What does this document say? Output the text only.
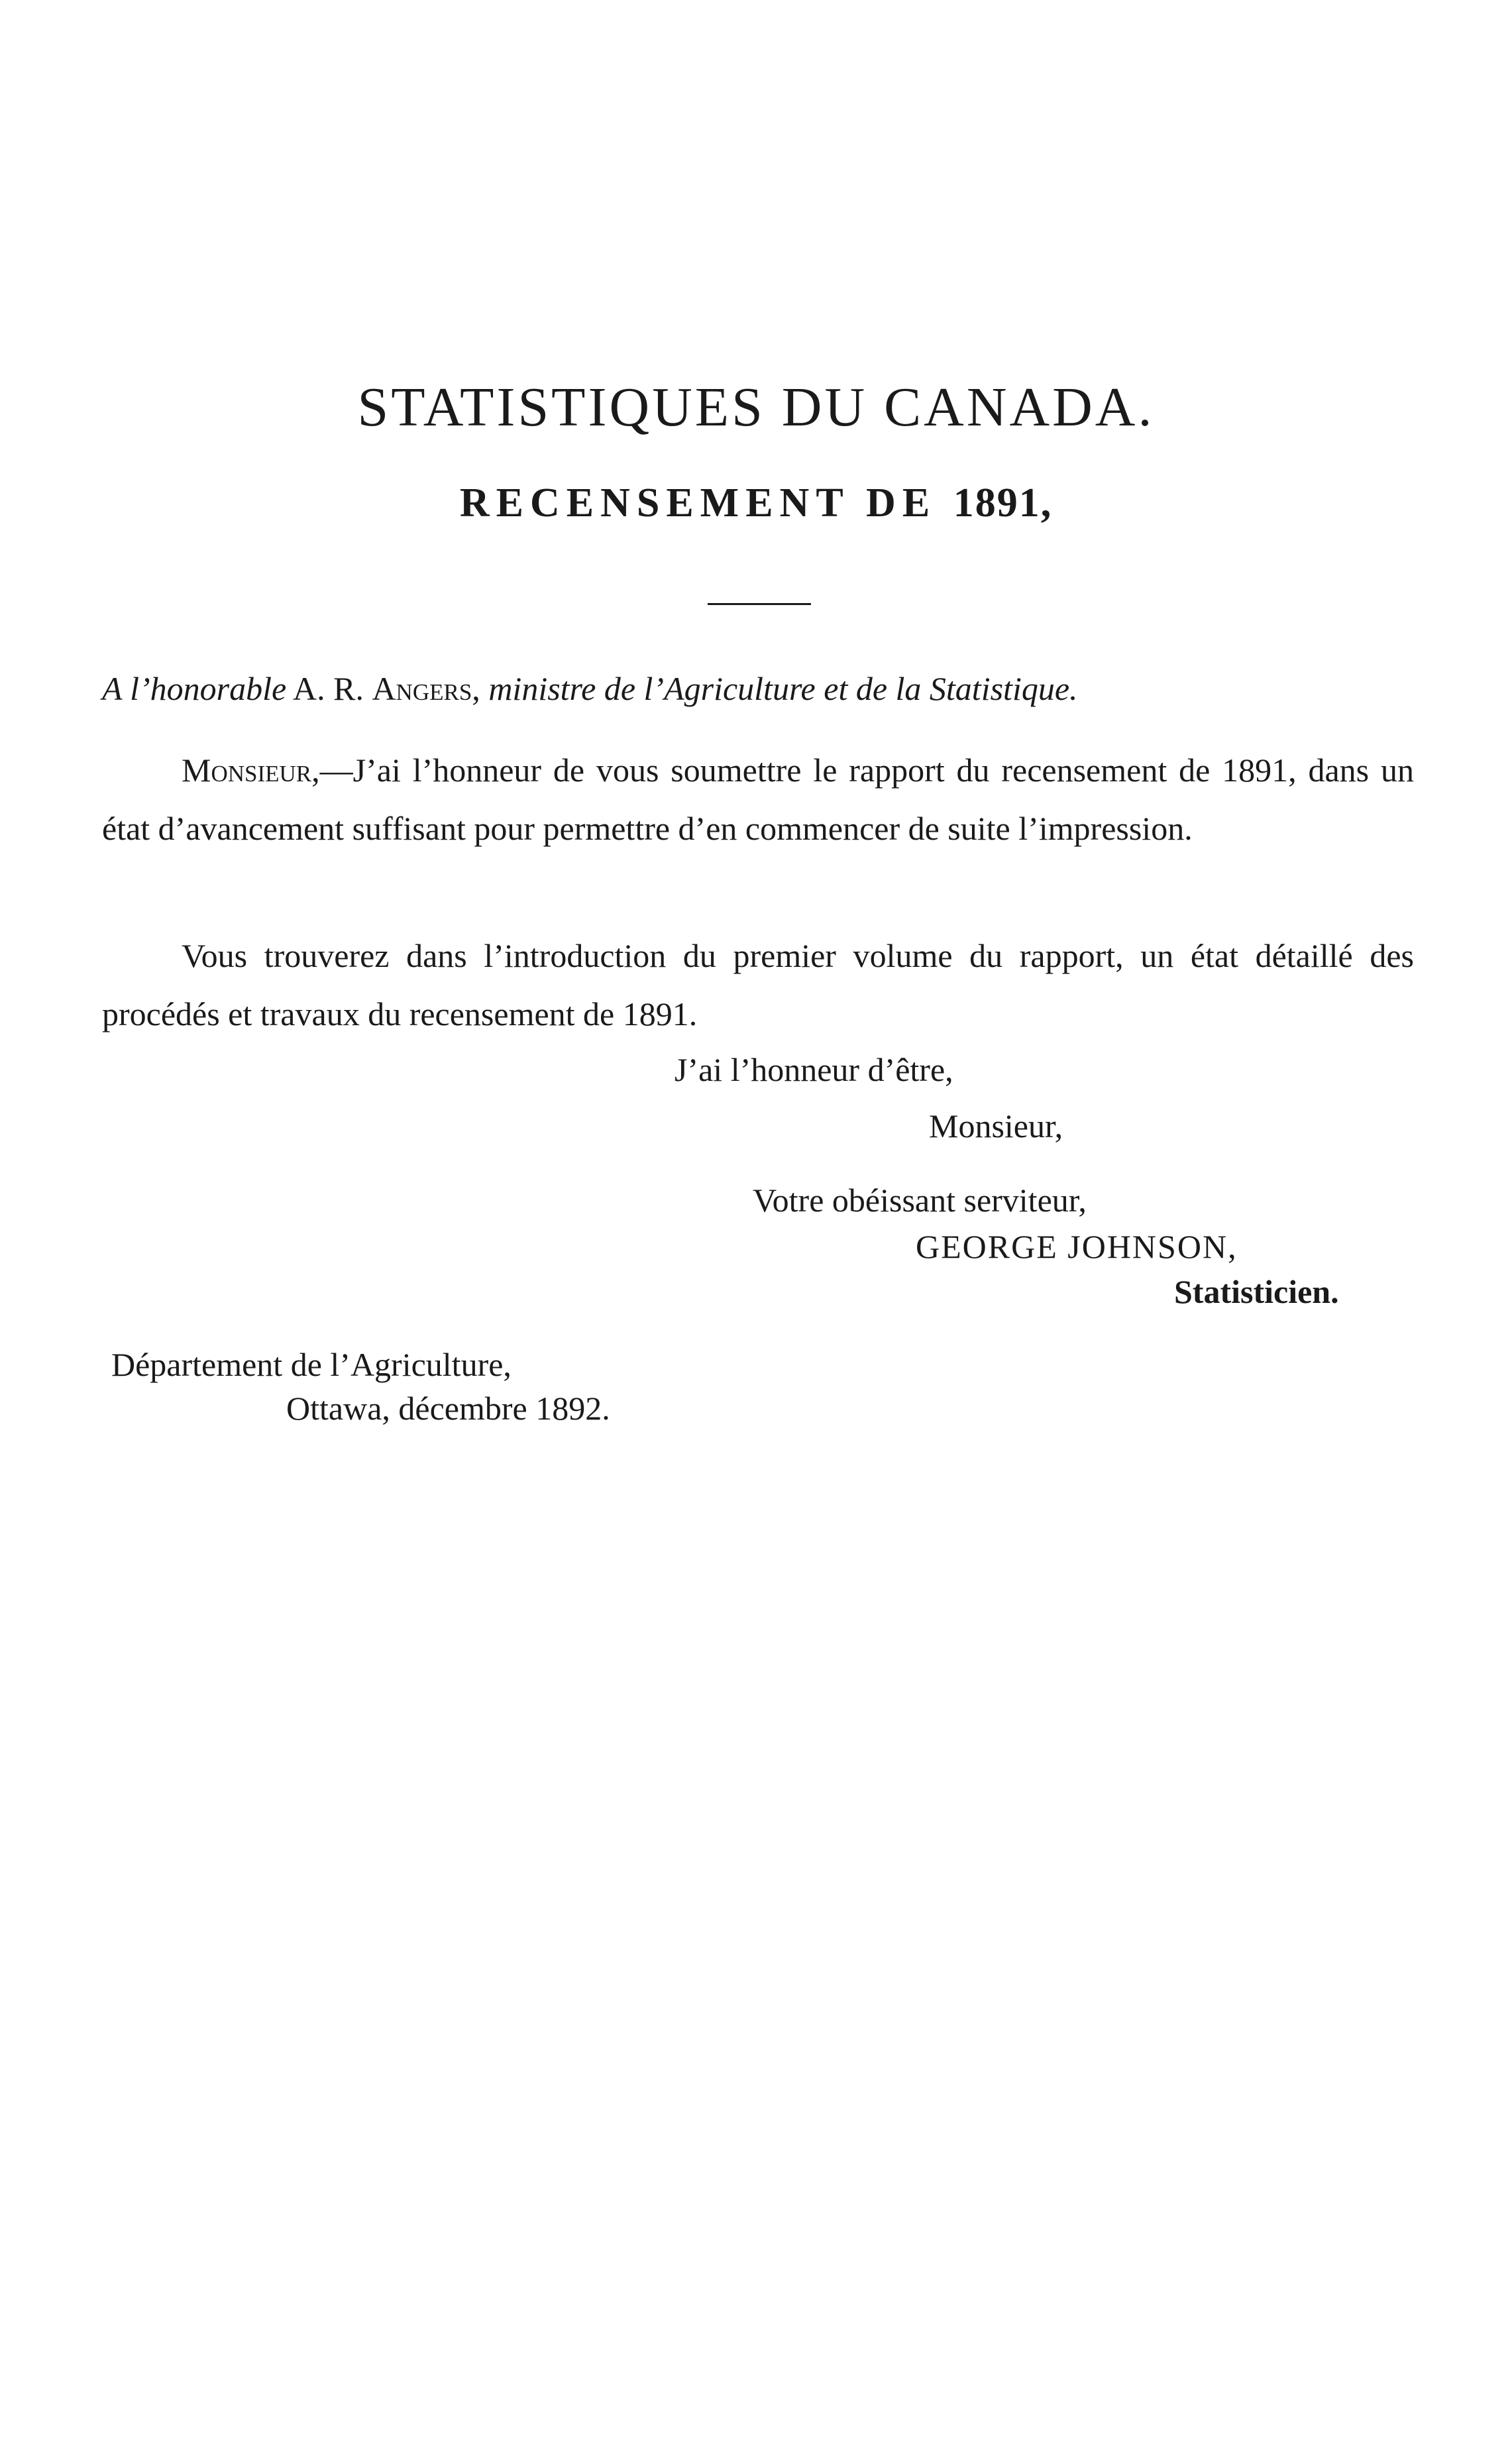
STATISTIQUES DU CANADA.
RECENSEMENT DE 1891,
A l’honorable A. R. Angers, ministre de l’Agriculture et de la Statistique.

Monsieur,—J’ai l’honneur de vous soumettre le rapport du recensement de 1891, dans un état d’avancement suffisant pour permettre d’en commencer de suite l’impression.

Vous trouverez dans l’introduction du premier volume du rapport, un état détaillé des procédés et travaux du recensement de 1891.

J’ai l’honneur d’être,
Monsieur,
Votre obéissant serviteur,
GEORGE JOHNSON,
Statisticien.
Département de l’Agriculture,
Ottawa, décembre 1892.
